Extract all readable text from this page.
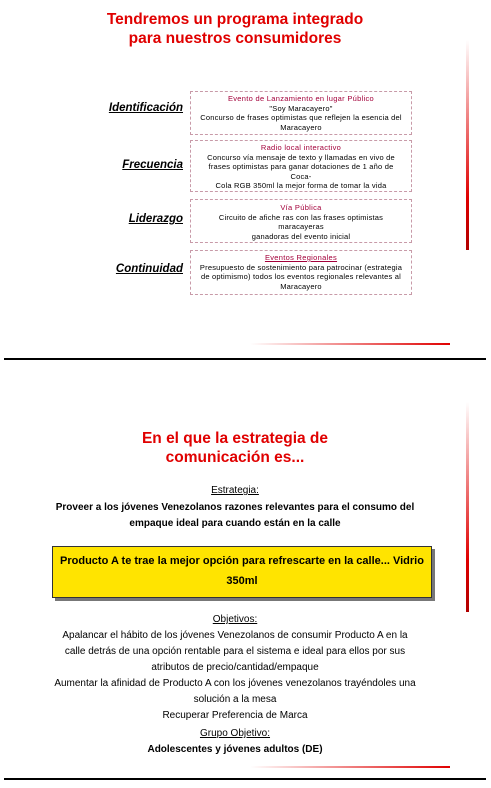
Tendremos un programa integrado
para nuestros consumidores
Identificación
Evento de Lanzamiento en lugar Público
"Soy Maracayero"
Concurso de frases optimistas que reflejen la esencia del
Maracayero
Frecuencia
Radio local interactivo
Concurso vía mensaje de texto y llamadas en vivo de
frases optimistas para ganar dotaciones de 1 año de Coca-
Cola RGB 350ml la mejor forma de tomar la vida
Liderazgo
Vía Pública
Circuito de afiche ras con las frases optimistas maracayeras
ganadoras del evento inicial
Continuidad
Eventos Regionales
Presupuesto de sostenimiento para patrocinar (estrategia
de optimismo) todos los eventos regionales relevantes al
Maracayero
En el que la estrategia de
comunicación es...
Estrategia:
Proveer a los jóvenes Venezolanos razones relevantes para el consumo del
empaque ideal para cuando están en la calle
Producto A te trae la mejor opción para refrescarte en la calle... Vidrio
350ml
Objetivos:
Apalancar el hábito de los jóvenes Venezolanos de consumir Producto A en la
calle detrás de una opción rentable para el sistema e ideal para ellos por sus
atributos de precio/cantidad/empaque
Aumentar la afinidad de Producto A con los jóvenes venezolanos trayéndoles una
solución a la mesa
Recuperar Preferencia de Marca
Grupo Objetivo:
Adolescentes y jóvenes adultos (DE)
